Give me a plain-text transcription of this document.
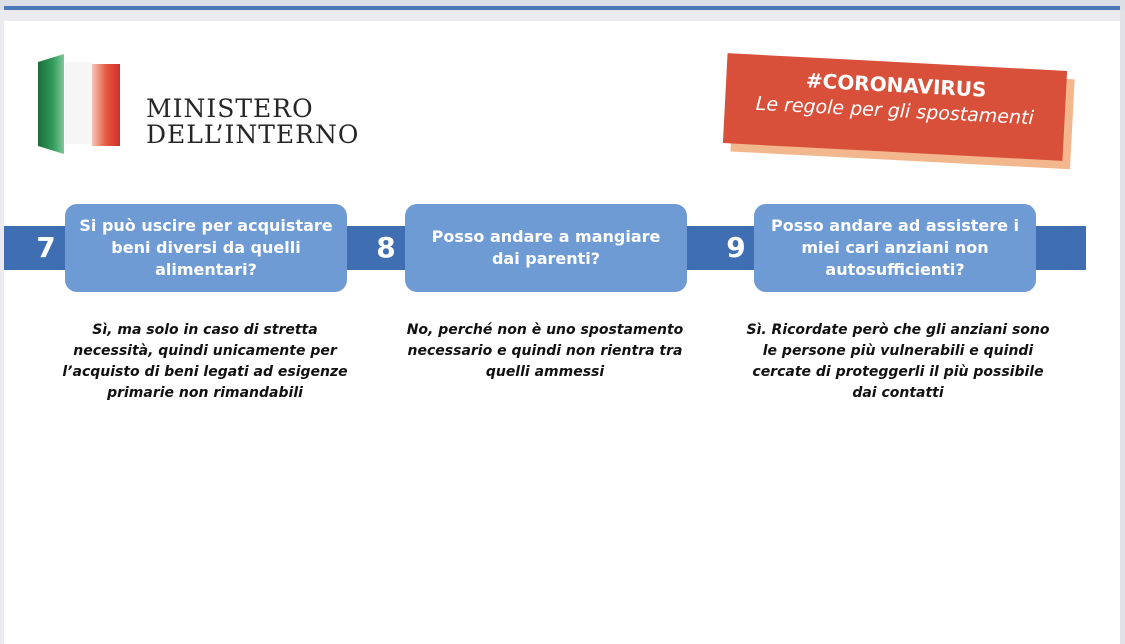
MINISTERO
DELL’INTERNO
#CORONAVIRUS
Le regole per gli spostamenti
7
Si può uscire per acquistare beni diversi da quelli alimentari?
Sì, ma solo in caso di stretta necessità, quindi unicamente per l’acquisto di beni legati ad esigenze primarie non rimandabili
8	Posso andare a mangiare dai parenti?
No, perché non è uno spostamento necessario e quindi non rientra tra quelli ammessi
9
Posso andare ad assistere i miei cari anziani non autosufficienti?
Sì. Ricordate però che gli anziani sono le persone più vulnerabili e quindi cercate di proteggerli il più possibile dai contatti
